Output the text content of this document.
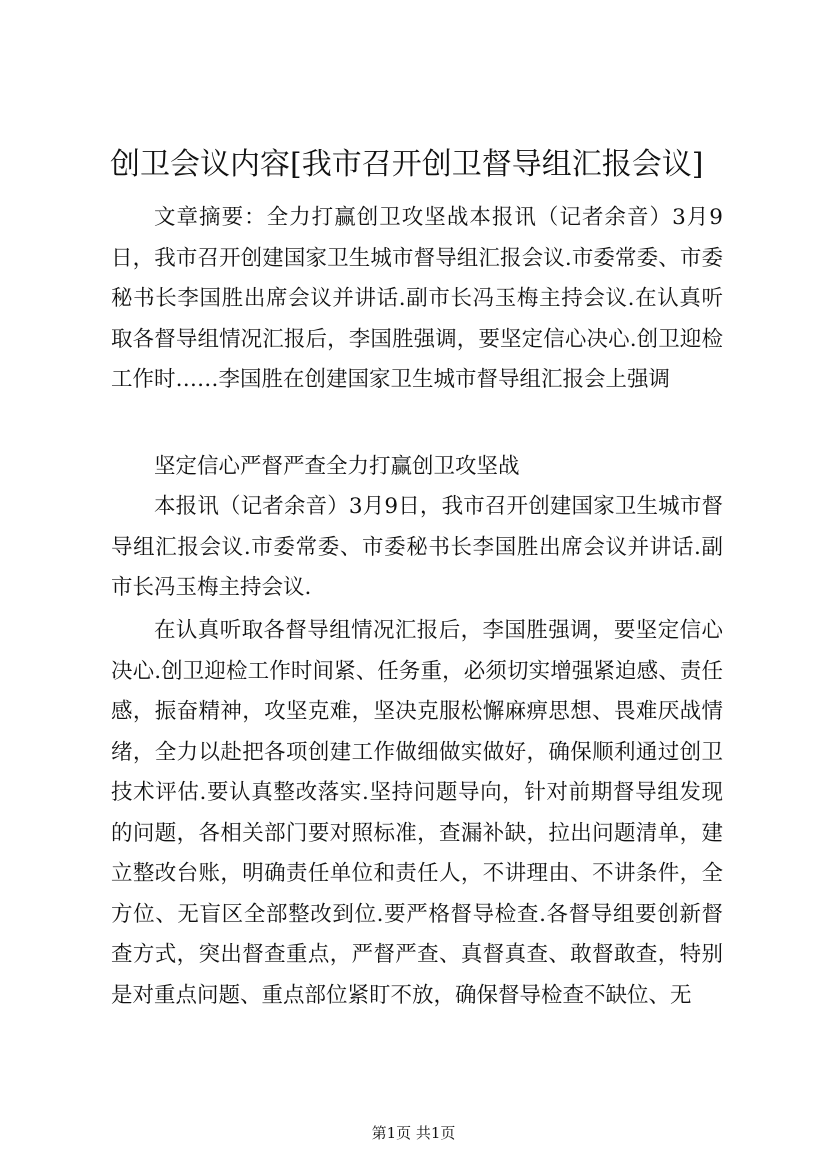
创卫会议内容[我市召开创卫督导组汇报会议]

文章摘要：全力打赢创卫攻坚战本报讯（记者余音）3月9日，我市召开创建国家卫生城市督导组汇报会议.市委常委、市委秘书长李国胜出席会议并讲话.副市长冯玉梅主持会议.在认真听取各督导组情况汇报后，李国胜强调，要坚定信心决心.创卫迎检工作时……李国胜在创建国家卫生城市督导组汇报会上强调

坚定信心严督严查全力打赢创卫攻坚战

本报讯（记者余音）3月9日，我市召开创建国家卫生城市督导组汇报会议.市委常委、市委秘书长李国胜出席会议并讲话.副市长冯玉梅主持会议.

在认真听取各督导组情况汇报后，李国胜强调，要坚定信心决心.创卫迎检工作时间紧、任务重，必须切实增强紧迫感、责任感，振奋精神，攻坚克难，坚决克服松懈麻痹思想、畏难厌战情绪，全力以赴把各项创建工作做细做实做好，确保顺利通过创卫技术评估.要认真整改落实.坚持问题导向，针对前期督导组发现的问题，各相关部门要对照标准，查漏补缺，拉出问题清单，建立整改台账，明确责任单位和责任人，不讲理由、不讲条件，全方位、无盲区全部整改到位.要严格督导检查.各督导组要创新督查方式，突出督查重点，严督严查、真督真查、敢督敢查，特别是对重点问题、重点部位紧盯不放，确保督导检查不缺位、无

第1页 共1页
